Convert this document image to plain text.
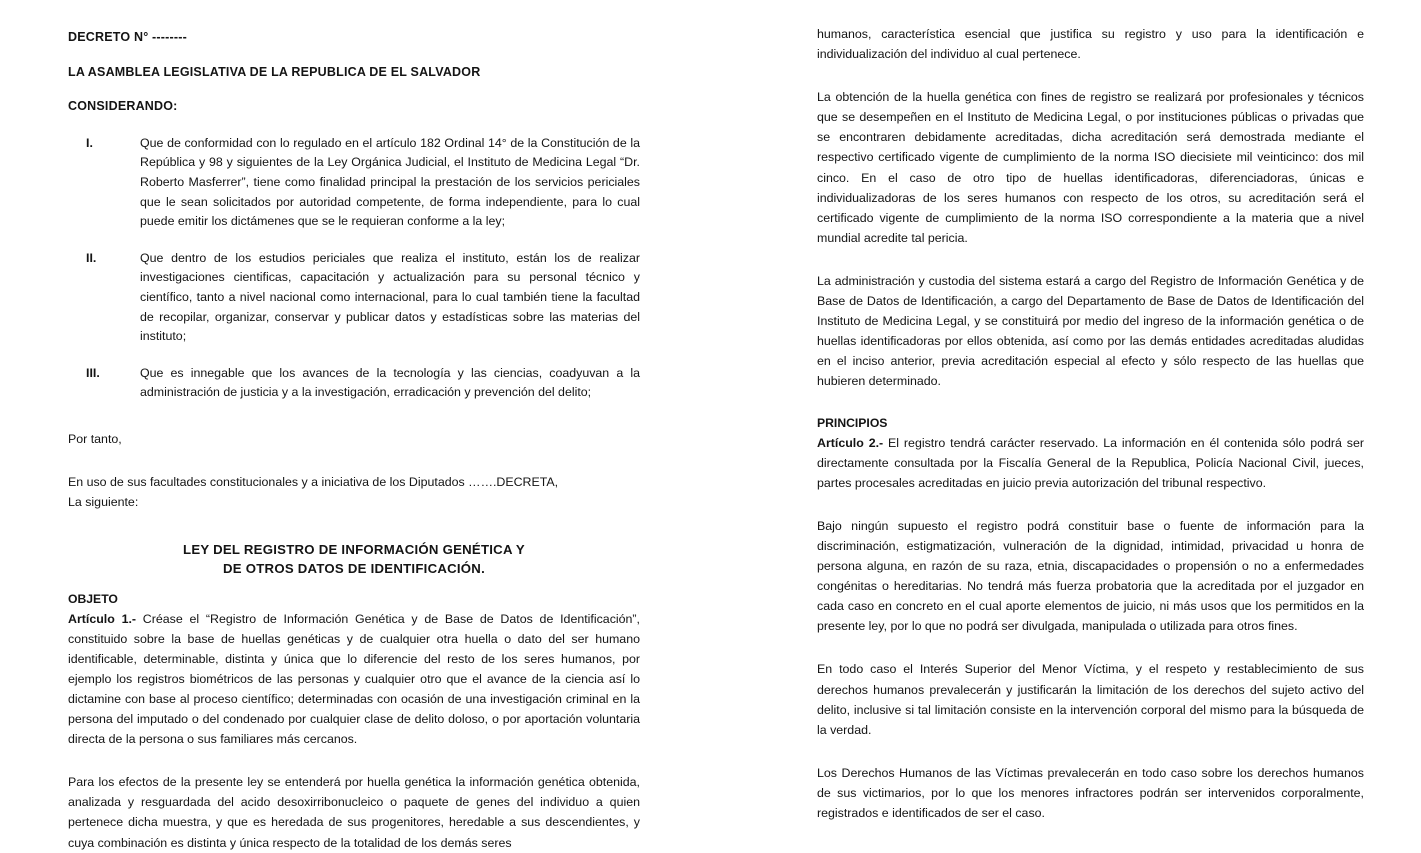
DECRETO N° --------
LA ASAMBLEA LEGISLATIVA DE LA REPUBLICA DE EL SALVADOR
CONSIDERANDO:
I.	Que de conformidad con lo regulado en el artículo 182 Ordinal 14° de la Constitución de la República y 98 y siguientes de la Ley Orgánica Judicial, el Instituto de Medicina Legal “Dr. Roberto Masferrer”, tiene como finalidad principal la prestación de los servicios periciales que le sean solicitados por autoridad competente, de forma independiente, para lo cual puede emitir los dictámenes que se le requieran conforme a la ley;
II.	Que dentro de los estudios periciales que realiza el instituto, están los de realizar investigaciones cientificas, capacitación y actualización para su personal técnico y científico, tanto a nivel nacional como internacional, para lo cual también tiene la facultad de recopilar, organizar, conservar y publicar datos y estadísticas sobre las materias del instituto;
III.	Que es innegable que los avances de la tecnología y las ciencias, coadyuvan a la administración de justicia y a la investigación, erradicación y prevención del delito;

Por tanto,

En uso de sus facultades constitucionales y a iniciativa de los Diputados …….DECRETA,

La siguiente:

LEY DEL REGISTRO DE INFORMACIÓN GENÉTICA Y
DE OTROS DATOS DE IDENTIFICACIÓN.
OBJETO

Artículo 1.- Créase el “Registro de Información Genética y de Base de Datos de Identificación”, constituido sobre la base de huellas genéticas y de cualquier otra huella o dato del ser humano identificable, determinable, distinta y única que lo diferencie del resto de los seres humanos, por ejemplo los registros biométricos de las personas y cualquier otro que el avance de la ciencia así lo dictamine con base al proceso científico; determinadas con ocasión de una investigación criminal en la persona del imputado o del condenado por cualquier clase de delito doloso, o por aportación voluntaria directa de la persona o sus familiares más cercanos.

Para los efectos de la presente ley se entenderá por huella genética la información genética obtenida, analizada y resguardada del acido desoxirribonucleico o paquete de genes del individuo a quien pertenece dicha muestra, y que es heredada de sus progenitores, heredable a sus descendientes, y cuya combinación es distinta y única respecto de la totalidad de los demás seres

humanos, característica esencial que justifica su registro y uso para la identificación e individualización del individuo al cual pertenece.

La obtención de la huella genética con fines de registro se realizará por profesionales y técnicos que se desempeñen en el Instituto de Medicina Legal, o por instituciones públicas o privadas que se encontraren debidamente acreditadas, dicha acreditación será demostrada mediante el respectivo certificado vigente de cumplimiento de la norma ISO diecisiete mil veinticinco: dos mil cinco. En el caso de otro tipo de huellas identificadoras, diferenciadoras, únicas e individualizadoras de los seres humanos con respecto de los otros, su acreditación será el certificado vigente de cumplimiento de la norma ISO correspondiente a la materia que a nivel mundial acredite tal pericia.

La administración y custodia del sistema estará a cargo del Registro de Información Genética y de Base de Datos de Identificación, a cargo del Departamento de Base de Datos de Identificación del Instituto de Medicina Legal, y se constituirá por medio del ingreso de la información genética o de huellas identificadoras por ellos obtenida, así como por las demás entidades acreditadas aludidas en el inciso anterior, previa acreditación especial al efecto y sólo respecto de las huellas que hubieren determinado.

PRINCIPIOS

Artículo 2.- El registro tendrá carácter reservado. La información en él contenida sólo podrá ser directamente consultada por la Fiscalía General de la Republica, Policía Nacional Civil, jueces, partes procesales acreditadas en juicio previa autorización del tribunal respectivo.

Bajo ningún supuesto el registro podrá constituir base o fuente de información para la discriminación, estigmatización, vulneración de la dignidad, intimidad, privacidad u honra de persona alguna, en razón de su raza, etnia, discapacidades o propensión o no a enfermedades congénitas o hereditarias. No tendrá más fuerza probatoria que la acreditada por el juzgador en cada caso en concreto en el cual aporte elementos de juicio, ni más usos que los permitidos en la presente ley, por lo que no podrá ser divulgada, manipulada o utilizada para otros fines.

En todo caso el Interés Superior del Menor Víctima, y el respeto y restablecimiento de sus derechos humanos prevalecerán y justificarán la limitación de los derechos del sujeto activo del delito, inclusive si tal limitación consiste en la intervención corporal del mismo para la búsqueda de la verdad.

Los Derechos Humanos de las Víctimas prevalecerán en todo caso sobre los derechos humanos de sus victimarios, por lo que los menores infractores podrán ser intervenidos corporalmente, registrados e identificados de ser el caso.
